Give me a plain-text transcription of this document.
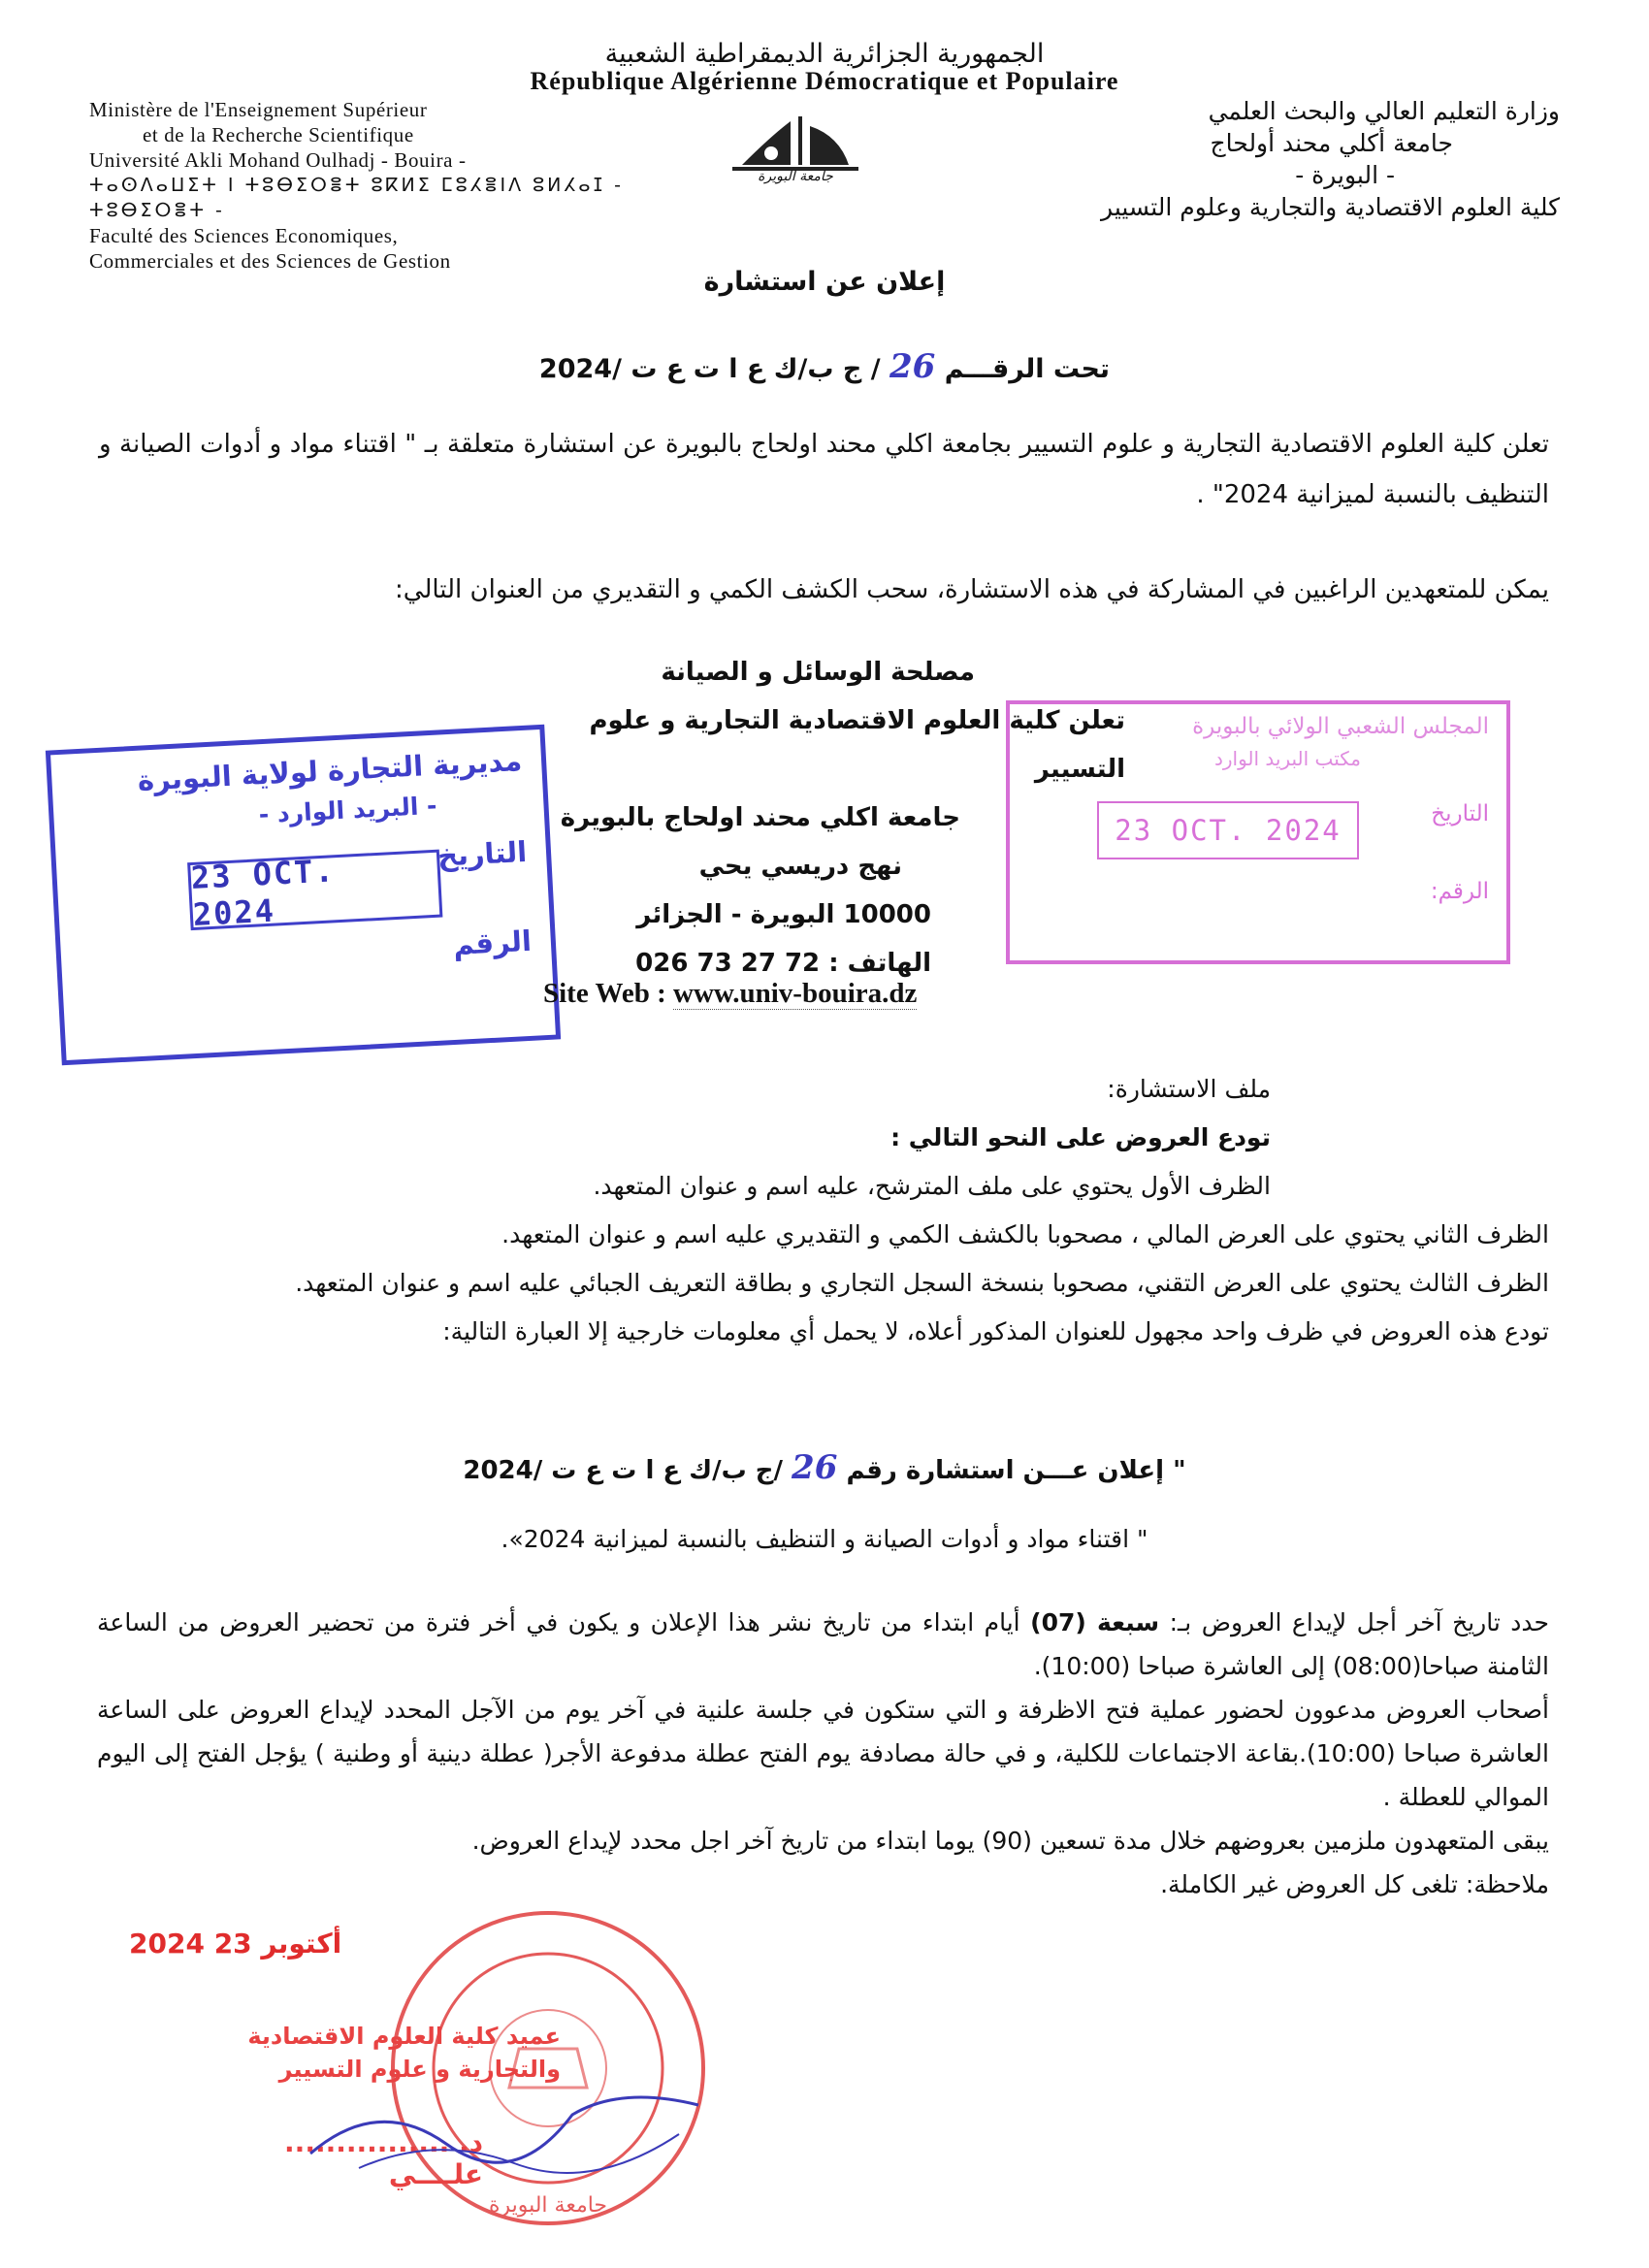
الجمهورية الجزائرية الديمقراطية الشعبية
République Algérienne Démocratique et Populaire
Ministère de l'Enseignement Supérieur
et de la Recherche Scientifique
Université Akli Mohand Oulhadj - Bouira -
ⵜⴰⵙⴷⴰⵡⵉⵜ ⵏ ⵜⵓⴱⵉⵔⴻⵜ ⵓⴽⵍⵉ ⵎⵓⵃⴻⵏⴷ ⵓⵍⵃⴰⵊ - ⵜⵓⴱⵉⵔⴻⵜ -
Faculté des Sciences Economiques,
Commerciales et des Sciences de Gestion
جامعة البويرة
وزارة التعليم العالي والبحث العلمي
جامعة أكلي محند أولحاج
- البويرة -
كلية العلوم الاقتصادية والتجارية وعلوم التسيير
إعلان عن استشارة
تحت الرقـــم 26 / ج ب/ك ع ا ت ع ت /2024
تعلن كلية العلوم الاقتصادية التجارية و علوم التسيير بجامعة اكلي محند اولحاج بالبويرة عن استشارة متعلقة بـ " اقتناء مواد و أدوات الصيانة و التنظيف بالنسبة لميزانية 2024" .
يمكن للمتعهدين الراغبين في المشاركة في هذه الاستشارة، سحب الكشف الكمي و التقديري من العنوان التالي:
مديرية التجارة لولاية البويرة
- البريد الوارد -
التاريخ
23 OCT. 2024
الرقم
المجلس الشعبي الولائي بالبويرة
مكتب البريد الوارد
التاريخ
23 OCT. 2024
الرقم:
مصلحة الوسائل و الصيانة
تعلن كلية العلوم الاقتصادية التجارية و علوم التسيير
جامعة اكلي محند اولحاج بالبويرة
نهج دريسي يحي
10000 البويرة - الجزائر
الهاتف : 026 73 27 72
Site Web : www.univ-bouira.dz
ملف الاستشارة:
تودع العروض على النحو التالي :
الظرف الأول يحتوي على ملف المترشح، عليه اسم و عنوان المتعهد.
الظرف الثاني يحتوي على العرض المالي ، مصحوبا بالكشف الكمي و التقديري عليه اسم و عنوان المتعهد.
الظرف الثالث يحتوي على العرض التقني، مصحوبا بنسخة السجل التجاري و بطاقة التعريف الجبائي عليه اسم و عنوان المتعهد.
تودع هذه العروض في ظرف واحد مجهول للعنوان المذكور أعلاه، لا يحمل أي معلومات خارجية إلا العبارة التالية:
" إعلان عـــن استشارة رقم 26 /ج ب/ك ع ا ت ع ت /2024
" اقتناء مواد و أدوات الصيانة و التنظيف بالنسبة لميزانية 2024».
حدد تاريخ آخر أجل لإيداع العروض بـ: سبعة (07) أيام ابتداء من تاريخ نشر هذا الإعلان و يكون في أخر فترة من تحضير العروض من الساعة الثامنة صباحا(08:00) إلى العاشرة صباحا (10:00).
أصحاب العروض مدعوون لحضور عملية فتح الاظرفة و التي ستكون في جلسة علنية في آخر يوم من الآجل المحدد لإيداع العروض على الساعة العاشرة صباحا (10:00).بقاعة الاجتماعات للكلية، و في حالة مصادفة يوم الفتح عطلة مدفوعة الأجر( عطلة دينية أو وطنية ) يؤجل الفتح إلى اليوم الموالي للعطلة .
يبقى المتعهدون ملزمين بعروضهم خلال مدة تسعين (90) يوما ابتداء من تاريخ آخر اجل محدد لإيداع العروض.
ملاحظة: تلغى كل العروض غير الكاملة.
2024 أكتوبر 23
جامعة البويرة
عميد كلية العلوم الاقتصادية
والتجارية و علوم التسيير
د. ................ علــــي
